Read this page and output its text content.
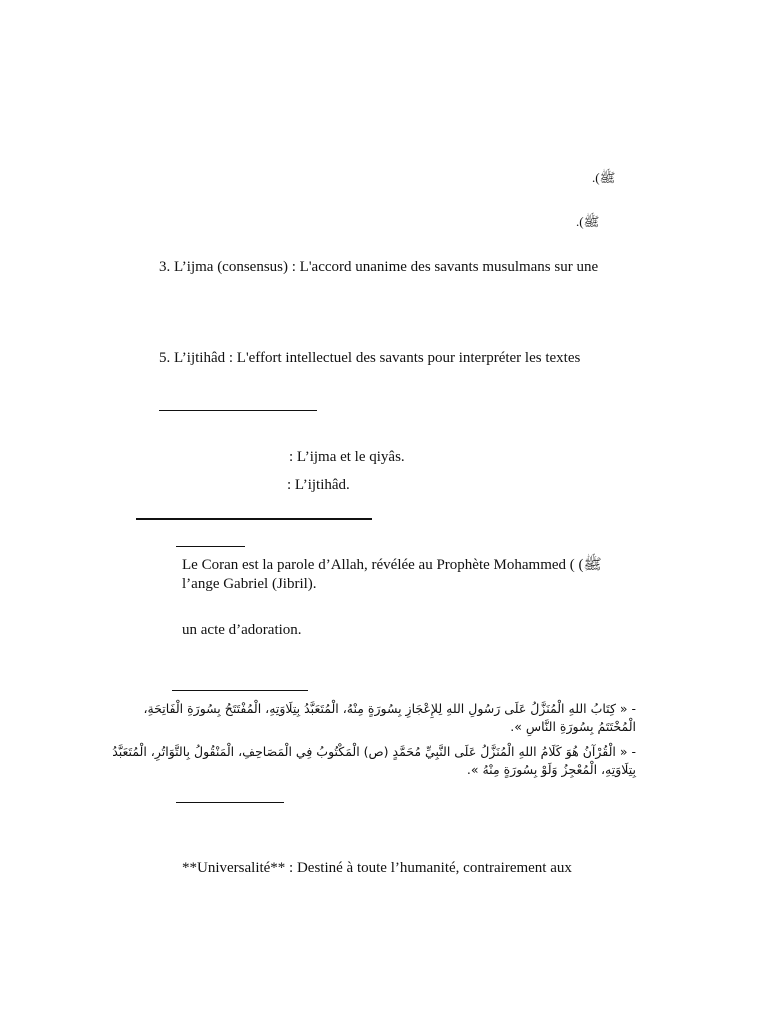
.(ﷺ
.(ﷺ
3. L’ijma (consensus) : L'accord unanime des savants musulmans sur une
5. L’ijtihâd : L'effort intellectuel des savants pour interpréter les textes
: L’ijma et le qiyâs.
: L’ijtihâd.
Le Coran est la parole d’Allah, révélée au Prophète Mohammed ( (ﷺ
l’ange Gabriel (Jibril).
un acte d’adoration.
- « كِتَابُ اللهِ الْمُنَزَّلُ عَلَى رَسُولِ اللهِ لِلإِعْجَازِ بِسُورَةٍ مِنْهُ، الْمُتَعَبَّدُ بِتِلَاوَتِهِ، الْمُفْتَتَحُ بِسُورَةِ الْفَاتِحَةِ،
الْمُخْتَتَمُ بِسُورَةِ النَّاسِ ».
- « الْقُرْآنُ هُوَ كَلَامُ اللهِ الْمُنَزَّلُ عَلَى النَّبِيِّ مُحَمَّدٍ (ص) الْمَكْتُوبُ فِي الْمَصَاحِفِ، الْمَنْقُولُ بِالتَّوَاتُرِ، الْمُتَعَبَّدُ
بِتِلَاوَتِهِ، الْمُعْجِزُ وَلَوْ بِسُورَةٍ مِنْهُ ».
**Universalité** : Destiné à toute l’humanité, contrairement aux
